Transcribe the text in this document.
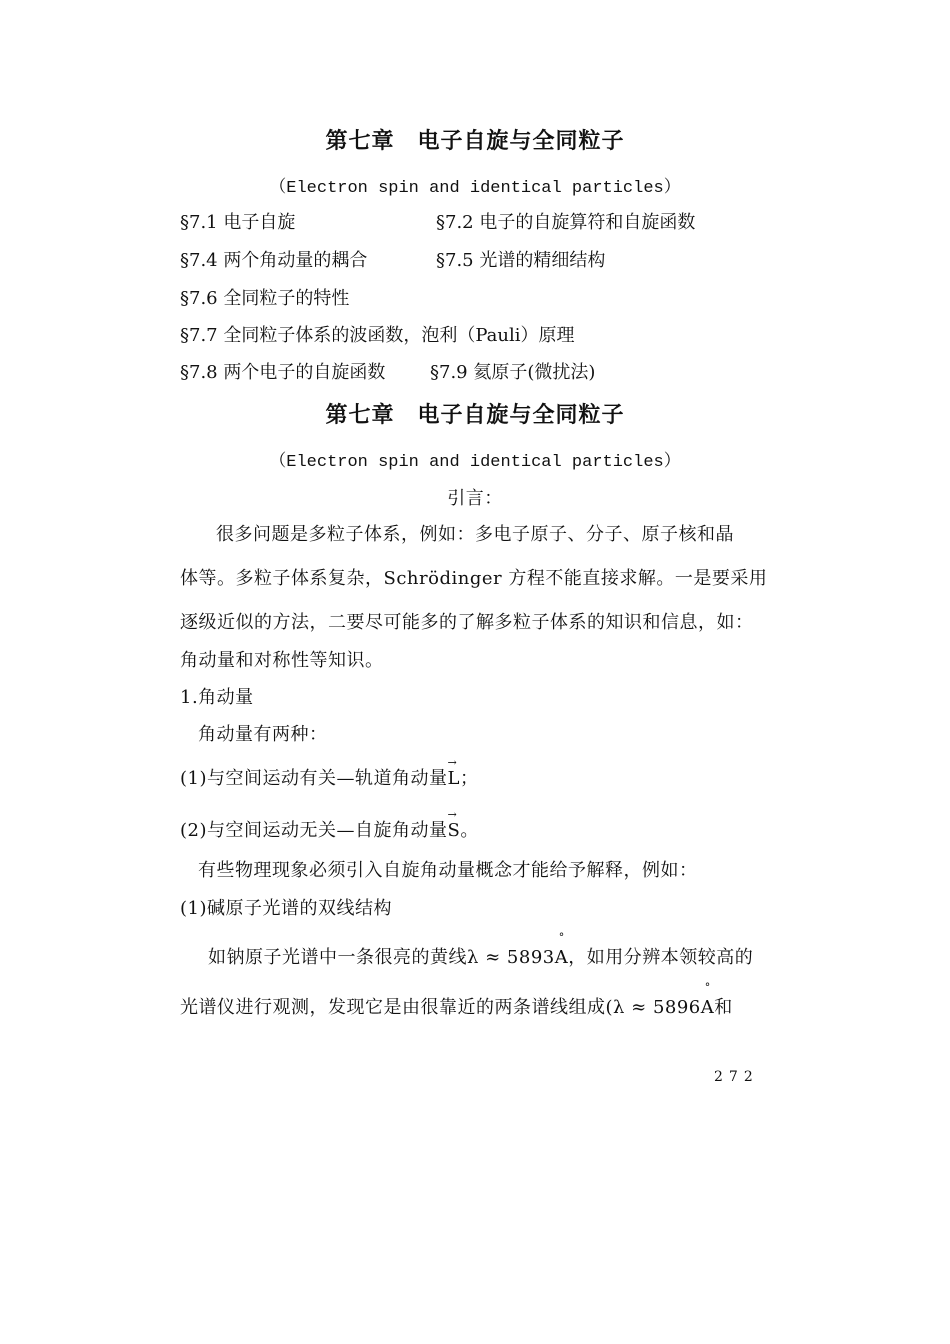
第七章　电子自旋与全同粒子
（Electron spin and identical particles）
§7.1 电子自旋	§7.2 电子的自旋算符和自旋函数
§7.4 两个角动量的耦合	§7.5 光谱的精细结构
§7.6 全同粒子的特性
§7.7 全同粒子体系的波函数，泡利（Pauli）原理
§7.8 两个电子的自旋函数 §7.9 氦原子(微扰法)
第七章　电子自旋与全同粒子
（Electron spin and identical particles）
引言：
很多问题是多粒子体系，例如：多电子原子、分子、原子核和晶
体等。多粒子体系复杂，Schrödinger 方程不能直接求解。一是要采用
逐级近似的方法，二要尽可能多的了解多粒子体系的知识和信息，如：
角动量和对称性等知识。
1.角动量
角动量有两种：
(1)与空间运动有关—轨道角动量→ L；
(2)与空间运动无关—自旋角动量→ S。
有些物理现象必须引入自旋角动量概念才能给予解释，例如：
(1)碱原子光谱的双线结构
如钠原子光谱中一条很亮的黄线λ ≈ 5893° A，如用分辨本领较高的
光谱仪进行观测，发现它是由很靠近的两条谱线组成(λ ≈ 5896° A和
272
